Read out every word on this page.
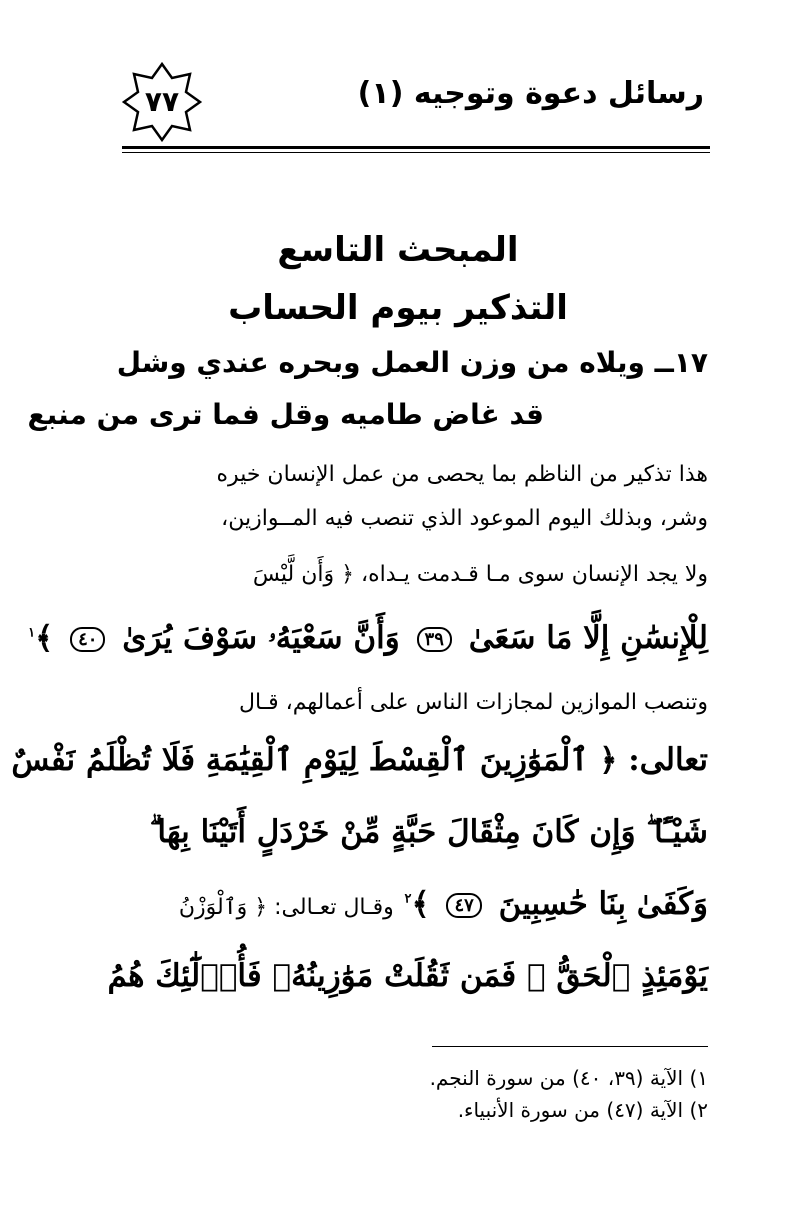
رسائل دعوة وتوجيه (١)
٧٧
المبحث التاسع
التذكير بيوم الحساب
١٧ــ ويلاه من وزن العمل وبحره عندي وشل
قد غاض طاميه وقل فما ترى من منبع
هذا تذكير من الناظم بما يحصى من عمل الإنسان خيره
وشر، وبذلك اليوم الموعود الذي تنصب فيه المــوازين،
ولا يجد الإنسان سوى مـا قـدمت يـداه، ﴿ وَأَن لَّيْسَ
لِلْإِنسَٰنِ إِلَّا مَا سَعَىٰ ٣٩ وَأَنَّ سَعْيَهُۥ سَوْفَ يُرَىٰ ٤٠ ﴾$^١$
وتنصب الموازين لمجازات الناس على أعمالهم، قـال
تعالى: ﴿ ٱلْمَوَٰزِينَ ٱلْقِسْطَ لِيَوْمِ ٱلْقِيَٰمَةِ فَلَا تُظْلَمُ نَفْسٌ
شَيْـًٔا ۖ وَإِن كَانَ مِثْقَالَ حَبَّةٍ مِّنْ خَرْدَلٍ أَتَيْنَا بِهَا ۗ
وَكَفَىٰ بِنَا حَٰسِبِينَ ٤٧ ﴾$^٢$ وقـال تعـالى: ﴿ وَٱلْوَزْنُ
يَوْمَئِذٍ ٱلْحَقُّ ۚ فَمَن ثَقُلَتْ مَوَٰزِينُهُۥ فَأُو۟لَٰٓئِكَ هُمُ
١) الآية (٣٩، ٤٠) من سورة النجم.
٢) الآية (٤٧) من سورة الأنبياء.
